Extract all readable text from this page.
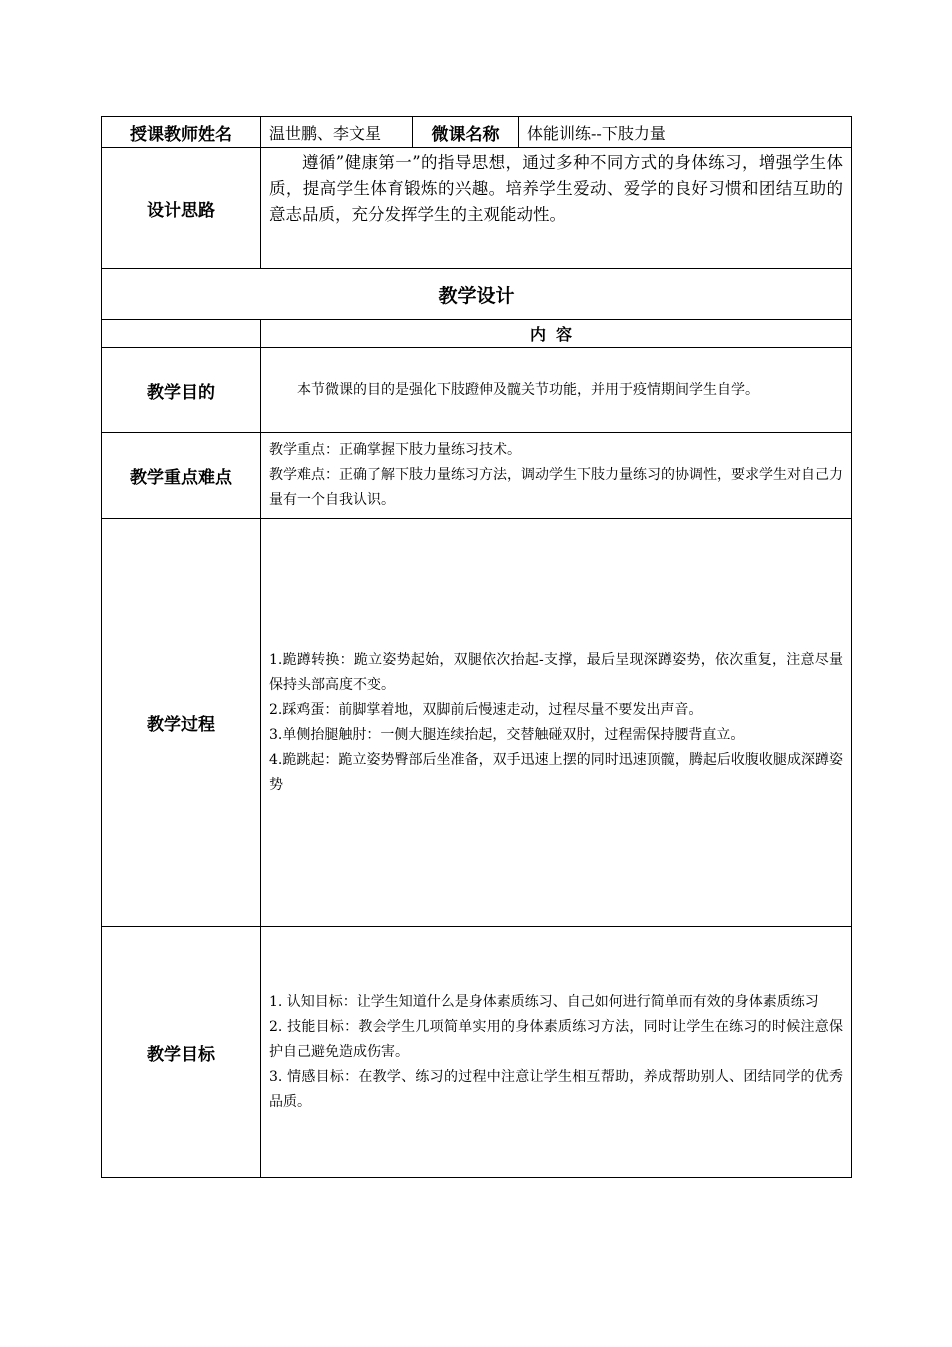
授课教师姓名	温世鹏、李文星	微课名称	体能训练--下肢力量
设计思路	遵循”健康第一”的指导思想，通过多种不同方式的身体练习，增强学生体质，提高学生体育锻炼的兴趣。培养学生爱动、爱学的良好习惯和团结互助的意志品质，充分发挥学生的主观能动性。		

教学设计			
	内容		
教学目的	本节微课的目的是强化下肢蹬伸及髋关节功能，并用于疫情期间学生自学。		

教学重点难点	教学重点：正确掌握下肢力量练习技术。

教学难点：正确了解下肢力量练习方法，调动学生下肢力量练习的协调性，要求学生对自己力量有一个自我认识。		

教学过程	1.跪蹲转换：跪立姿势起始，双腿依次抬起-支撑，最后呈现深蹲姿势，依次重复，注意尽量保持头部高度不变。

2.踩鸡蛋：前脚掌着地，双脚前后慢速走动，过程尽量不要发出声音。

3.单侧抬腿触肘：一侧大腿连续抬起，交替触碰双肘，过程需保持腰背直立。

4.跪跳起：跪立姿势臀部后坐准备，双手迅速上摆的同时迅速顶髋，腾起后收腹收腿成深蹲姿势		

教学目标	1. 认知目标：让学生知道什么是身体素质练习、自己如何进行简单而有效的身体素质练习

2. 技能目标：教会学生几项简单实用的身体素质练习方法，同时让学生在练习的时候注意保护自己避免造成伤害。

3. 情感目标：在教学、练习的过程中注意让学生相互帮助，养成帮助别人、团结同学的优秀品质。		
